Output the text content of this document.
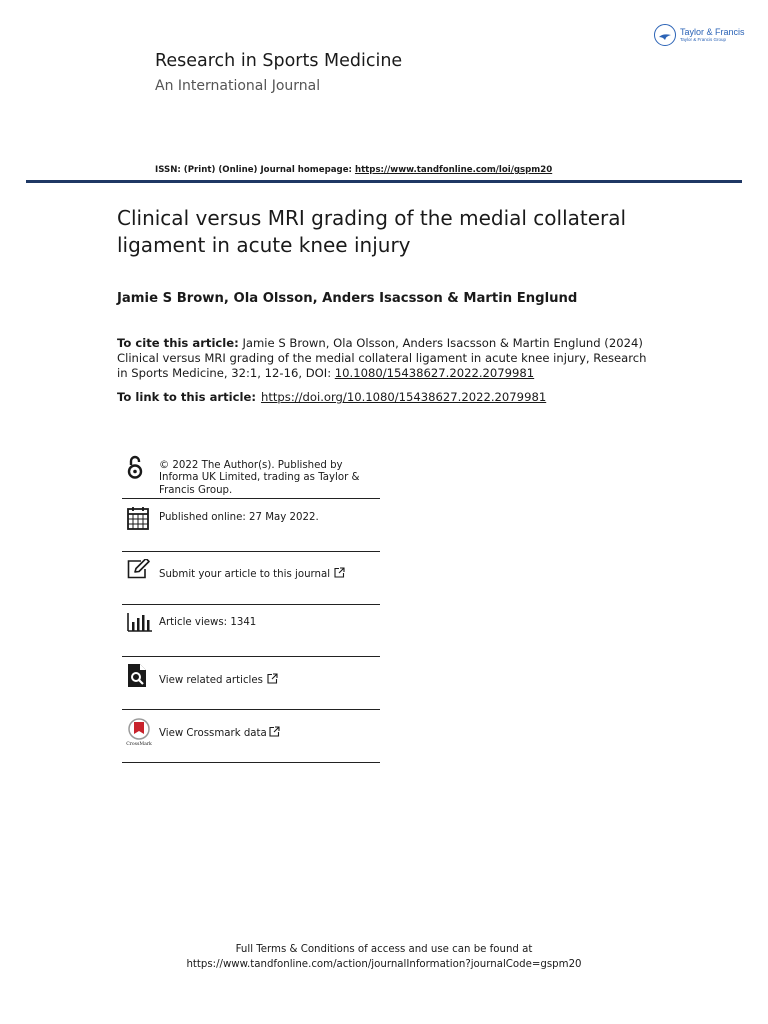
Taylor & Francis
Taylor & Francis Group
Research in Sports Medicine
An International Journal
ISSN: (Print) (Online) Journal homepage: https://www.tandfonline.com/loi/gspm20
Clinical versus MRI grading of the medial collateral
ligament in acute knee injury
Jamie S Brown, Ola Olsson, Anders Isacsson & Martin Englund
To cite this article: Jamie S Brown, Ola Olsson, Anders Isacsson & Martin Englund (2024) Clinical versus MRI grading of the medial collateral ligament in acute knee injury, Research in Sports Medicine, 32:1, 12-16, DOI: 10.1080/15438627.2022.2079981
To link to this article: https://doi.org/10.1080/15438627.2022.2079981
© 2022 The Author(s). Published by Informa UK Limited, trading as Taylor & Francis Group.
Published online: 27 May 2022.
Submit your article to this journal
Article views: 1341
View related articles
CrossMark
View Crossmark data
Full Terms & Conditions of access and use can be found at
https://www.tandfonline.com/action/journalInformation?journalCode=gspm20
